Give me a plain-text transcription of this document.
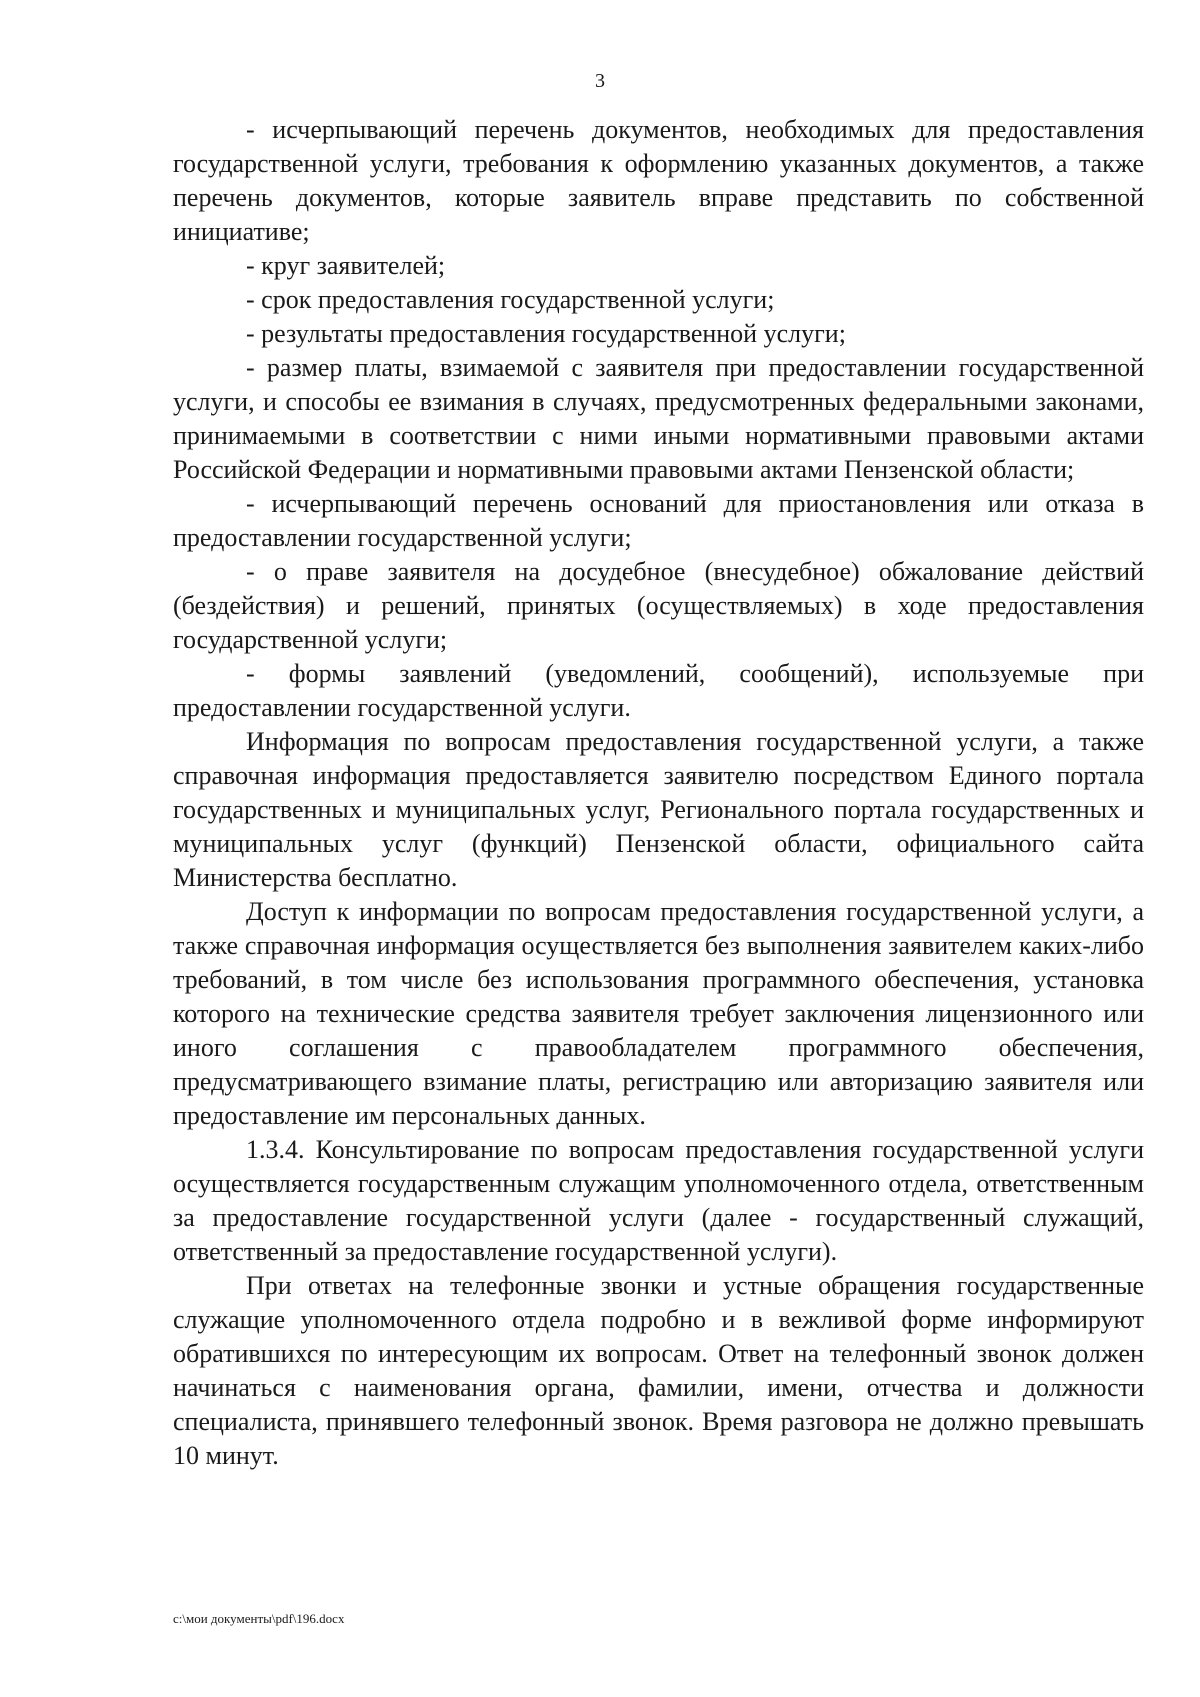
3

- исчерпывающий перечень документов, необходимых для предоставления государственной услуги, требования к оформлению указанных документов, а также перечень документов, которые заявитель вправе представить по собственной инициативе;

- круг заявителей;

- срок предоставления государственной услуги;

- результаты предоставления государственной услуги;

- размер платы, взимаемой с заявителя при предоставлении государственной услуги, и способы ее взимания в случаях, предусмотренных федеральными законами, принимаемыми в соответствии с ними иными нормативными правовыми актами Российской Федерации и нормативными правовыми актами Пензенской области;

- исчерпывающий перечень оснований для приостановления или отказа в предоставлении государственной услуги;

- о праве заявителя на досудебное (внесудебное) обжалование действий (бездействия) и решений, принятых (осуществляемых) в ходе предоставления государственной услуги;

- формы заявлений (уведомлений, сообщений), используемые при предоставлении государственной услуги.

Информация по вопросам предоставления государственной услуги, а также справочная информация предоставляется заявителю посредством Единого портала государственных и муниципальных услуг, Регионального портала государственных и муниципальных услуг (функций) Пензенской области, официального сайта Министерства бесплатно.

Доступ к информации по вопросам предоставления государственной услуги, а также справочная информация осуществляется без выполнения заявителем каких-либо требований, в том числе без использования программного обеспечения, установка которого на технические средства заявителя требует заключения лицензионного или иного соглашения с правообладателем программного обеспечения, предусматривающего взимание платы, регистрацию или авторизацию заявителя или предоставление им персональных данных.

1.3.4. Консультирование по вопросам предоставления государственной услуги осуществляется государственным служащим уполномоченного отдела, ответственным за предоставление государственной услуги (далее - государственный служащий, ответственный за предоставление государственной услуги).

При ответах на телефонные звонки и устные обращения государственные служащие уполномоченного отдела подробно и в вежливой форме информируют обратившихся по интересующим их вопросам. Ответ на телефонный звонок должен начинаться с наименования органа, фамилии, имени, отчества и должности специалиста, принявшего телефонный звонок. Время разговора не должно превышать 10 минут.

c:\мои документы\pdf\196.docx
